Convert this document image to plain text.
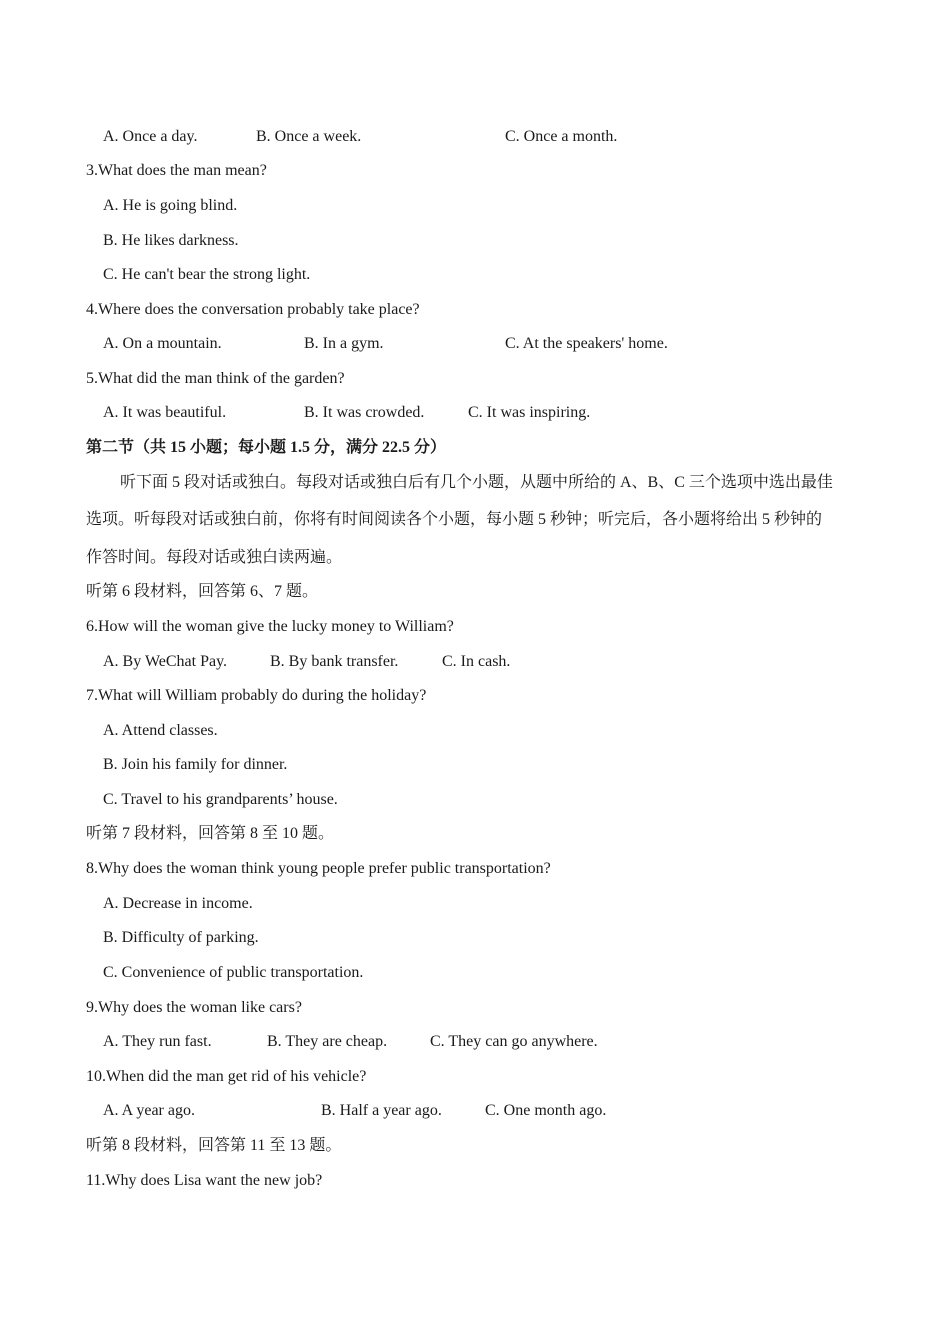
A. Once a day.	B. Once a week.	C. Once a month.
3.What does the man mean?
A. He is going blind.
B. He likes darkness.
C. He can't bear the strong light.
4.Where does the conversation probably take place?
A. On a mountain.	B. In a gym.	C. At the speakers' home.
5.What did the man think of the garden?
A. It was beautiful.	B. It was crowded.	C. It was inspiring.
第二节（共 15 小题；每小题 1.5 分，满分 22.5 分）
听下面 5 段对话或独白。每段对话或独白后有几个小题，从题中所给的 A、B、C 三个选项中选出最佳
选项。听每段对话或独白前，你将有时间阅读各个小题，每小题 5 秒钟；听完后，各小题将给出 5 秒钟的
作答时间。每段对话或独白读两遍。
听第 6 段材料，回答第 6、7 题。
6.How will the woman give the lucky money to William?
A. By WeChat Pay.	B. By bank transfer.	C. In cash.
7.What will William probably do during the holiday?
A. Attend classes.
B. Join his family for dinner.
C. Travel to his grandparents’ house.
听第 7 段材料，回答第 8 至 10 题。
8.Why does the woman think young people prefer public transportation?
A. Decrease in income.
B. Difficulty of parking.
C. Convenience of public transportation.
9.Why does the woman like cars?
A. They run fast.	B. They are cheap.	C. They can go anywhere.
10.When did the man get rid of his vehicle?
A. A year ago.	B. Half a year ago.	C. One month ago.
听第 8 段材料，回答第 11 至 13 题。
11.Why does Lisa want the new job?
